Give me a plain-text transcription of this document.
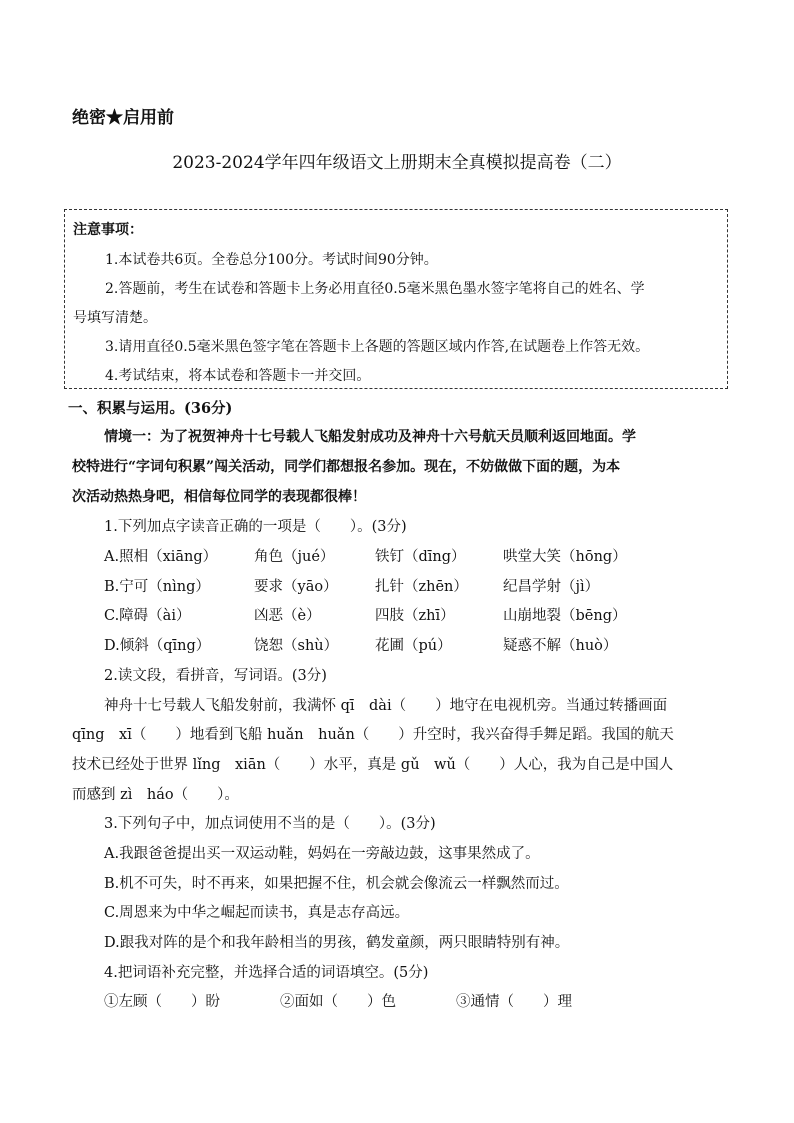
绝密★启用前
2023-2024学年四年级语文上册期末全真模拟提高卷（二）
注意事项：
1.本试卷共6页。全卷总分100分。考试时间90分钟。
2.答题前，考生在试卷和答题卡上务必用直径0.5毫米黑色墨水签字笔将自己的姓名、学
号填写清楚。
3.请用直径0.5毫米黑色签字笔在答题卡上各题的答题区域内作答,在试题卷上作答无效。
4.考试结束，将本试卷和答题卡一并交回。
一、积累与运用。(36分)
情境一：为了祝贺神舟十七号载人飞船发射成功及神舟十六号航天员顺利返回地面。学
校特进行“字词句积累”闯关活动，同学们都想报名参加。现在，不妨做做下面的题，为本
次活动热热身吧，相信每位同学的表现都很棒！
1.下列加点字读音正确的一项是（　　）。(3分)
A.照相（xiāng）	角色（jué）	铁钉（dīng）	哄堂大笑（hōng）
B.宁可（nìng）	要求（yāo）	扎针（zhēn） 纪昌学射（jì）
C.障碍（ài）	凶恶（è）	四肢（zhī）	山崩地裂（bēng）
D.倾斜（qīng）	饶恕（shù）	花圃（pú）	疑惑不解（huò）
2.读文段，看拼音，写词语。(3分)
神舟十七号载人飞船发射前，我满怀 qī　dài（　　）地守在电视机旁。当通过转播画面
qīng　xī（　　）地看到飞船 huǎn　huǎn（　　）升空时，我兴奋得手舞足蹈。我国的航天
技术已经处于世界 lǐng　xiān（　　）水平，真是 gǔ　wǔ（　　）人心，我为自己是中国人
而感到 zì　háo（　　）。
3.下列句子中，加点词使用不当的是（　　）。(3分)
A.我跟爸爸提出买一双运动鞋，妈妈在一旁敲边鼓，这事果然成了。
B.机不可失，时不再来，如果把握不住，机会就会像流云一样飘然而过。
C.周恩来为中华之崛起而读书，真是志存高远。
D.跟我对阵的是个和我年龄相当的男孩，鹤发童颜，两只眼睛特别有神。
4.把词语补充完整，并选择合适的词语填空。(5分)
①左顾（　　）盼	②面如（　　）色	③通情（　　）理
